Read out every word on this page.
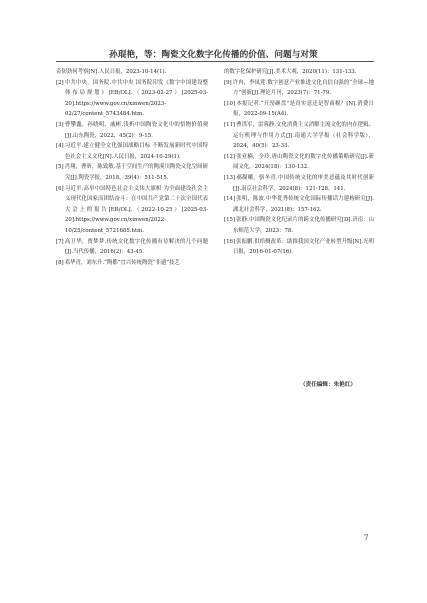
孙琨艳，等：陶瓷文化数字化传播的价值、问题与对策
奇韧劲何考察[N].人民日报，2023-10-14(1).
[2]中共中央，国务院.中共中央 国务院印发《数字中国建设整体布局规划》[EB/OL].（2023-02-27）[2025-03-20].https://www.gov.cn/xinwen/2023-02/27/content_5743484.htm.
[3]曹攀鑫，孙晓明，戚彬.浅析中国陶瓷文化中的悟物价值观[J].山东陶瓷，2022，45(2)：9-15.
[4]习近平.建立健全文化强国战略目标 不断发展新时代中国特色社会主义文化[N].人民日报，2024-10-29(1).
[5]肖翔，曹昕，陈致敏.基于空间生产的陶溪川陶瓷文化空间研究[J].陶瓷学报，2018，39(4)：511-515.
[6]习近平.高举中国特色社会主义伟大旗帜 为全面建设社会主义现代化国家而团结奋斗：在中国共产党第二十次全国代表大会上的报告[EB/OL].（2022-10-25）[2025-03-20].https://www.gov.cn/xinwen/2022-10/25/content_5721685.htm.
[7]高卫华，贾梦梦.传统文化数字化传播有待解决的几个问题[J].当代传播，2016(2)：43-45.
[8]邓华青，刘东升.“陶都”宜兴传统陶瓷“非遗”技艺
的数字化保护研究[J].美术大观，2020(11)：131-133.
[9]许冉，李凤莲.数字创意产业推进文化自信自强的“全球—地方”创新[J].理论月刊，2023(7)：71-79.
[10]本报记者.“开窑砸盘”是真实意还是智商税？[N].消费日报，2022-09-15(A4).
[11]曹洪军，雷蓉静.文化消费主义消解主流文化的内在逻辑、运行机理与作用方式[J].南通大学学报（社会科学版），2024，40(5)：23-33.
[12]张亚楠，全玲.唐山陶瓷文化的数字化传播策略研究[J].新闻文化，2024(18)：130-132.
[13]郝凝曦，骆冬青.中国传统文化的审美意蕴及其时代创新[J].南京社会科学，2024(8)：121-128，141.
[14]张明，陈波.中华优秀传统文化国际传播话力建构研究[J].湖北社会科学，2021(8)：157-162.
[15]张静.中国陶瓷文化纪录片的跨文化传播研究[D].济南：山东师范大学，2023：78.
[16]张振鹏.供给侧改革：助推我国文化产业转型升级[N].光明日报，2016-01-07(16).
（责任编辑：朱艳红）
7
